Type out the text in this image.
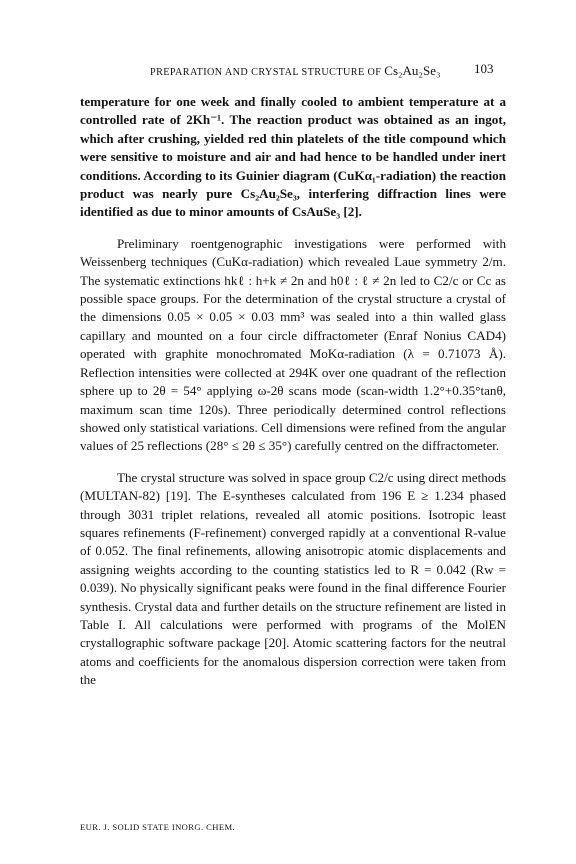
PREPARATION AND CRYSTAL STRUCTURE OF Cs₂Au₂Se₃	103

temperature for one week and finally cooled to ambient temperature at a controlled rate of 2Kh⁻¹. The reaction product was obtained as an ingot, which after crushing, yielded red thin platelets of the title compound which were sensitive to moisture and air and had hence to be handled under inert conditions. According to its Guinier diagram (CuKα₁-radiation) the reaction product was nearly pure Cs₂Au₂Se₃, interfering diffraction lines were identified as due to minor amounts of CsAuSe₃ [2].

Preliminary roentgenographic investigations were performed with Weissenberg techniques (CuKα-radiation) which revealed Laue symmetry 2/m. The systematic extinctions hkℓ : h+k ≠ 2n and h0ℓ : ℓ ≠ 2n led to C2/c or Cc as possible space groups. For the determination of the crystal structure a crystal of the dimensions 0.05 × 0.05 × 0.03 mm³ was sealed into a thin walled glass capillary and mounted on a four circle diffractometer (Enraf Nonius CAD4) operated with graphite monochromated MoKα-radiation (λ = 0.71073 Å). Reflection intensities were collected at 294K over one quadrant of the reflection sphere up to 2θ = 54° applying ω-2θ scans mode (scan-width 1.2°+0.35°tanθ, maximum scan time 120s). Three periodically determined control reflections showed only statistical variations. Cell dimensions were refined from the angular values of 25 reflections (28° ≤ 2θ ≤ 35°) carefully centred on the diffractometer.

The crystal structure was solved in space group C2/c using direct methods (MULTAN-82) [19]. The E-syntheses calculated from 196 E ≥ 1.234 phased through 3031 triplet relations, revealed all atomic positions. Isotropic least squares refinements (F-refinement) converged rapidly at a conventional R-value of 0.052. The final refinements, allowing anisotropic atomic displacements and assigning weights according to the counting statistics led to R = 0.042 (Rw = 0.039). No physically significant peaks were found in the final difference Fourier synthesis. Crystal data and further details on the structure refinement are listed in Table I. All calculations were performed with programs of the MolEN crystallographic software package [20]. Atomic scattering factors for the neutral atoms and coefficients for the anomalous dispersion correction were taken from the

EUR. J. SOLID STATE INORG. CHEM.
